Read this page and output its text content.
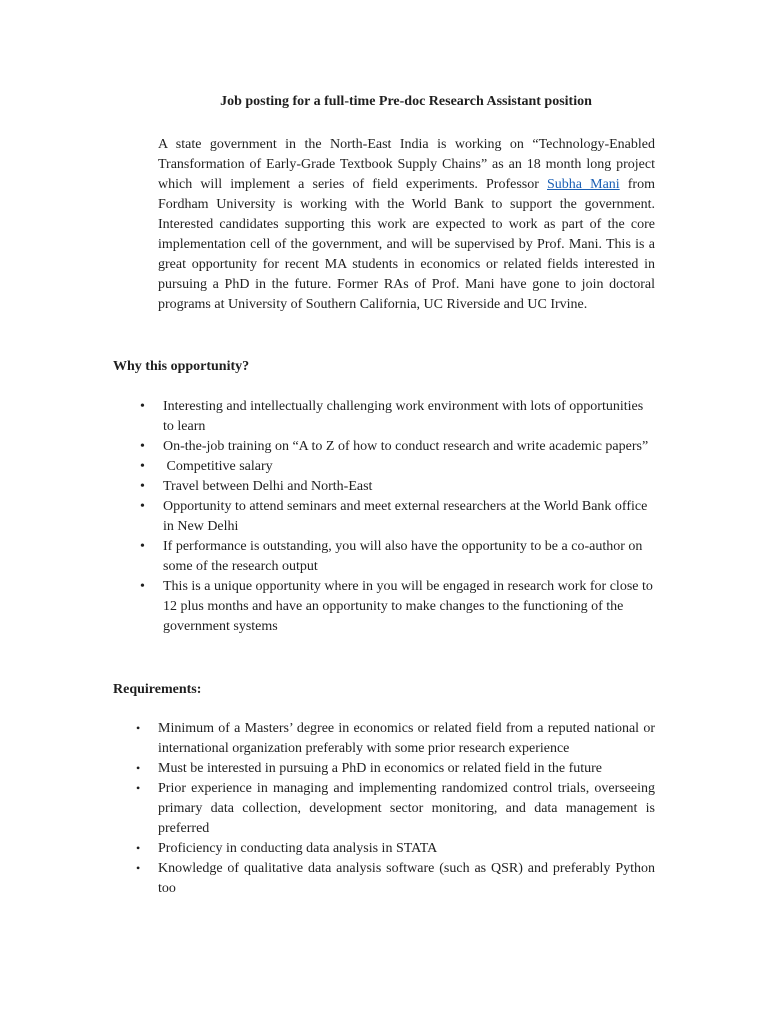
Job posting for a full-time Pre-doc Research Assistant position

A state government in the North-East India is working on “Technology-Enabled Transformation of Early-Grade Textbook Supply Chains” as an 18 month long project which will implement a series of field experiments. Professor Subha Mani from Fordham University is working with the World Bank to support the government. Interested candidates supporting this work are expected to work as part of the core implementation cell of the government, and will be supervised by Prof. Mani. This is a great opportunity for recent MA students in economics or related fields interested in pursuing a PhD in the future. Former RAs of Prof. Mani have gone to join doctoral programs at University of Southern California, UC Riverside and UC Irvine.

Why this opportunity?
• Interesting and intellectually challenging work environment with lots of opportunities to learn
• On-the-job training on “A to Z of how to conduct research and write academic papers”
• Competitive salary
• Travel between Delhi and North-East
• Opportunity to attend seminars and meet external researchers at the World Bank office in New Delhi
• If performance is outstanding, you will also have the opportunity to be a co-author on some of the research output
• This is a unique opportunity where in you will be engaged in research work for close to 12 plus months and have an opportunity to make changes to the functioning of the government systems
Requirements:
• Minimum of a Masters’ degree in economics or related field from a reputed national or international organization preferably with some prior research experience
• Must be interested in pursuing a PhD in economics or related field in the future
• Prior experience in managing and implementing randomized control trials, overseeing primary data collection, development sector monitoring, and data management is preferred
• Proficiency in conducting data analysis in STATA
• Knowledge of qualitative data analysis software (such as QSR) and preferably Python too
